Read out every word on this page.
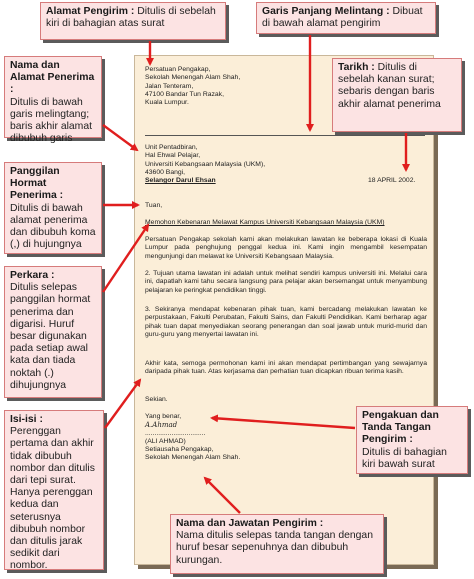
Persatuan Pengakap,
Sekolah Menengah Alam Shah,
Jalan Tenteram,
47100 Bandar Tun Razak,
Kuala Lumpur.
Unit Pentadbiran,
Hal Ehwal Pelajar,
Universiti Kebangsaan Malaysia (UKM),
43600 Bangi,
Selangor Darul Ehsan	18 APRIL 2002.
Tuan,
Memohon Kebenaran Melawat Kampus Universiti Kebangsaan Malaysia (UKM)
Persatuan Pengakap sekolah kami akan melakukan lawatan ke beberapa lokasi di Kuala Lumpur pada penghujung penggal kedua ini. Kami ingin mengambil kesempatan mengunjungi dan melawat ke Universiti Kebangsaan Malaysia.
2. Tujuan utama lawatan ini adalah untuk melihat sendiri kampus universiti ini. Melalui cara ini, dapatlah kami tahu secara langsung para pelajar akan bersemangat untuk menyambung pelajaran ke peringkat pendidikan tinggi.
3. Sekiranya mendapat kebenaran pihak tuan, kami bercadang melakukan lawatan ke perpustakaan, Fakulti Perubatan, Fakulti Sains, dan Fakulti Pendidikan. Kami berharap agar pihak tuan dapat menyediakan seorang penerangan dan soal jawab untuk murid-murid dan guru-guru yang menyertai lawatan ini.
Akhir kata, semoga permohonan kami ini akan mendapat pertimbangan yang sewajarnya daripada pihak tuan. Atas kerjasama dan perhatian tuan dicapkan ribuan terima kasih.
Sekian.
Yang benar,
A.Ahmad
................................
(ALI AHMAD)
Setiausaha Pengakap,
Sekolah Menengah Alam Shah.
Alamat Pengirim : Ditulis di sebelah kiri di bahagian atas surat
Garis Panjang Melintang : Dibuat di bawah alamat pengirim
Nama dan Alamat Penerima :
Ditulis di bawah garis melingtang; baris akhir alamat dibubuh garis
Tarikh : Ditulis di sebelah kanan surat; sebaris dengan baris akhir alamat penerima
Panggilan Hormat Penerima :
Ditulis di bawah alamat penerima dan dibubuh koma (,) di hujungnya
Perkara :
Ditulis selepas panggilan hormat penerima dan digarisi. Huruf besar digunakan pada setiap awal kata dan tiada noktah (.) dihujungnya
Isi-isi :
Perenggan pertama dan akhir tidak dibubuh nombor dan ditulis dari tepi surat. Hanya perenggan kedua dan seterusnya dibubuh nombor dan ditulis jarak sedikit dari nombor.
Pengakuan dan Tanda Tangan Pengirim :
Ditulis di bahagian kiri bawah surat
Nama dan Jawatan Pengirim :
Nama ditulis selepas tanda tangan dengan huruf besar sepenuhnya dan dibubuh kurungan.
